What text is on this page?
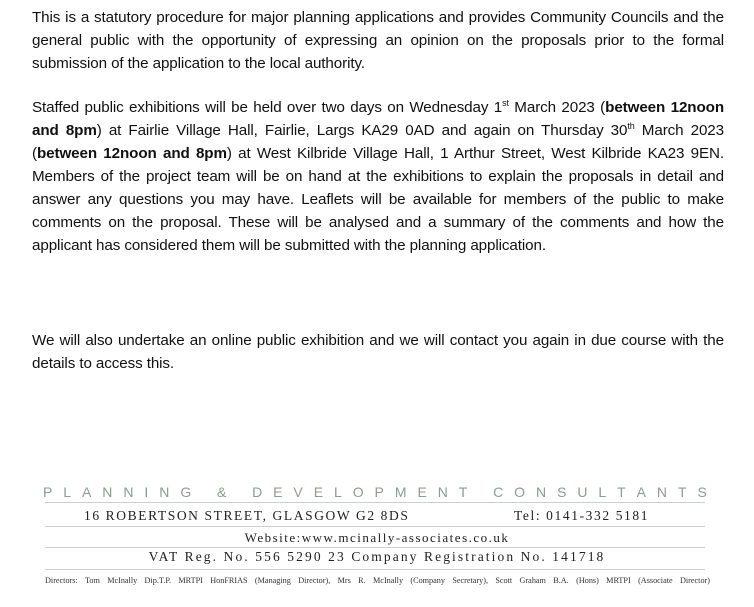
This is a statutory procedure for major planning applications and provides Community Councils and the general public with the opportunity of expressing an opinion on the proposals prior to the formal submission of the application to the local authority.

Staffed public exhibitions will be held over two days on Wednesday 1st March 2023 (between 12noon and 8pm) at Fairlie Village Hall, Fairlie, Largs KA29 0AD and again on Thursday 30th March 2023 (between 12noon and 8pm) at West Kilbride Village Hall, 1 Arthur Street, West Kilbride KA23 9EN. Members of the project team will be on hand at the exhibitions to explain the proposals in detail and answer any questions you may have. Leaflets will be available for members of the public to make comments on the proposal. These will be analysed and a summary of the comments and how the applicant has considered them will be submitted with the planning application.

We will also undertake an online public exhibition and we will contact you again in due course with the details to access this.

P L A N N I N G
&
D E V E L O P M E N T
C O N S U L T A N T S
16 ROBERTSON STREET, GLASGOW G2 8DS	Tel: 0141-332 5181
Website:www.mcinally-associates.co.uk
VAT Reg. No. 556 5290 23 Company Registration No. 141718
Directors: Tom McInally Dip.T.P. MRTPI HonFRIAS (Managing Director), Mrs R. McInally (Company Secretary), Scott Graham B.A. (Hons) MRTPI (Associate Director)
